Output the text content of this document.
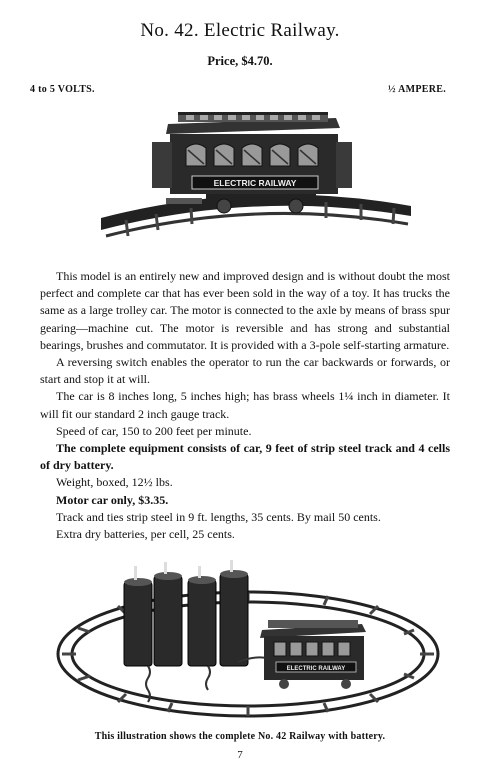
No. 42. Electric Railway.
Price, $4.70.
4 to 5 VOLTS.	½ AMPERE.
ELECTRIC RAILWAY

This model is an entirely new and improved design and is without doubt the most perfect and complete car that has ever been sold in the way of a toy. It has trucks the same as a large trolley car. The motor is connected to the axle by means of brass spur gearing—machine cut. The motor is reversible and has strong and substantial bearings, brushes and commutator. It is provided with a 3-pole self-starting armature.

A reversing switch enables the operator to run the car backwards or forwards, or start and stop it at will.

The car is 8 inches long, 5 inches high; has brass wheels 1¼ inch in diameter. It will fit our standard 2 inch gauge track.

Speed of car, 150 to 200 feet per minute.

The complete equipment consists of car, 9 feet of strip steel track and 4 cells of dry battery.

Weight, boxed, 12½ lbs.

Motor car only, $3.35.

Track and ties strip steel in 9 ft. lengths, 35 cents. By mail 50 cents.

Extra dry batteries, per cell, 25 cents.

ELECTRIC RAILWAY
This illustration shows the complete No. 42 Railway with battery.
7
